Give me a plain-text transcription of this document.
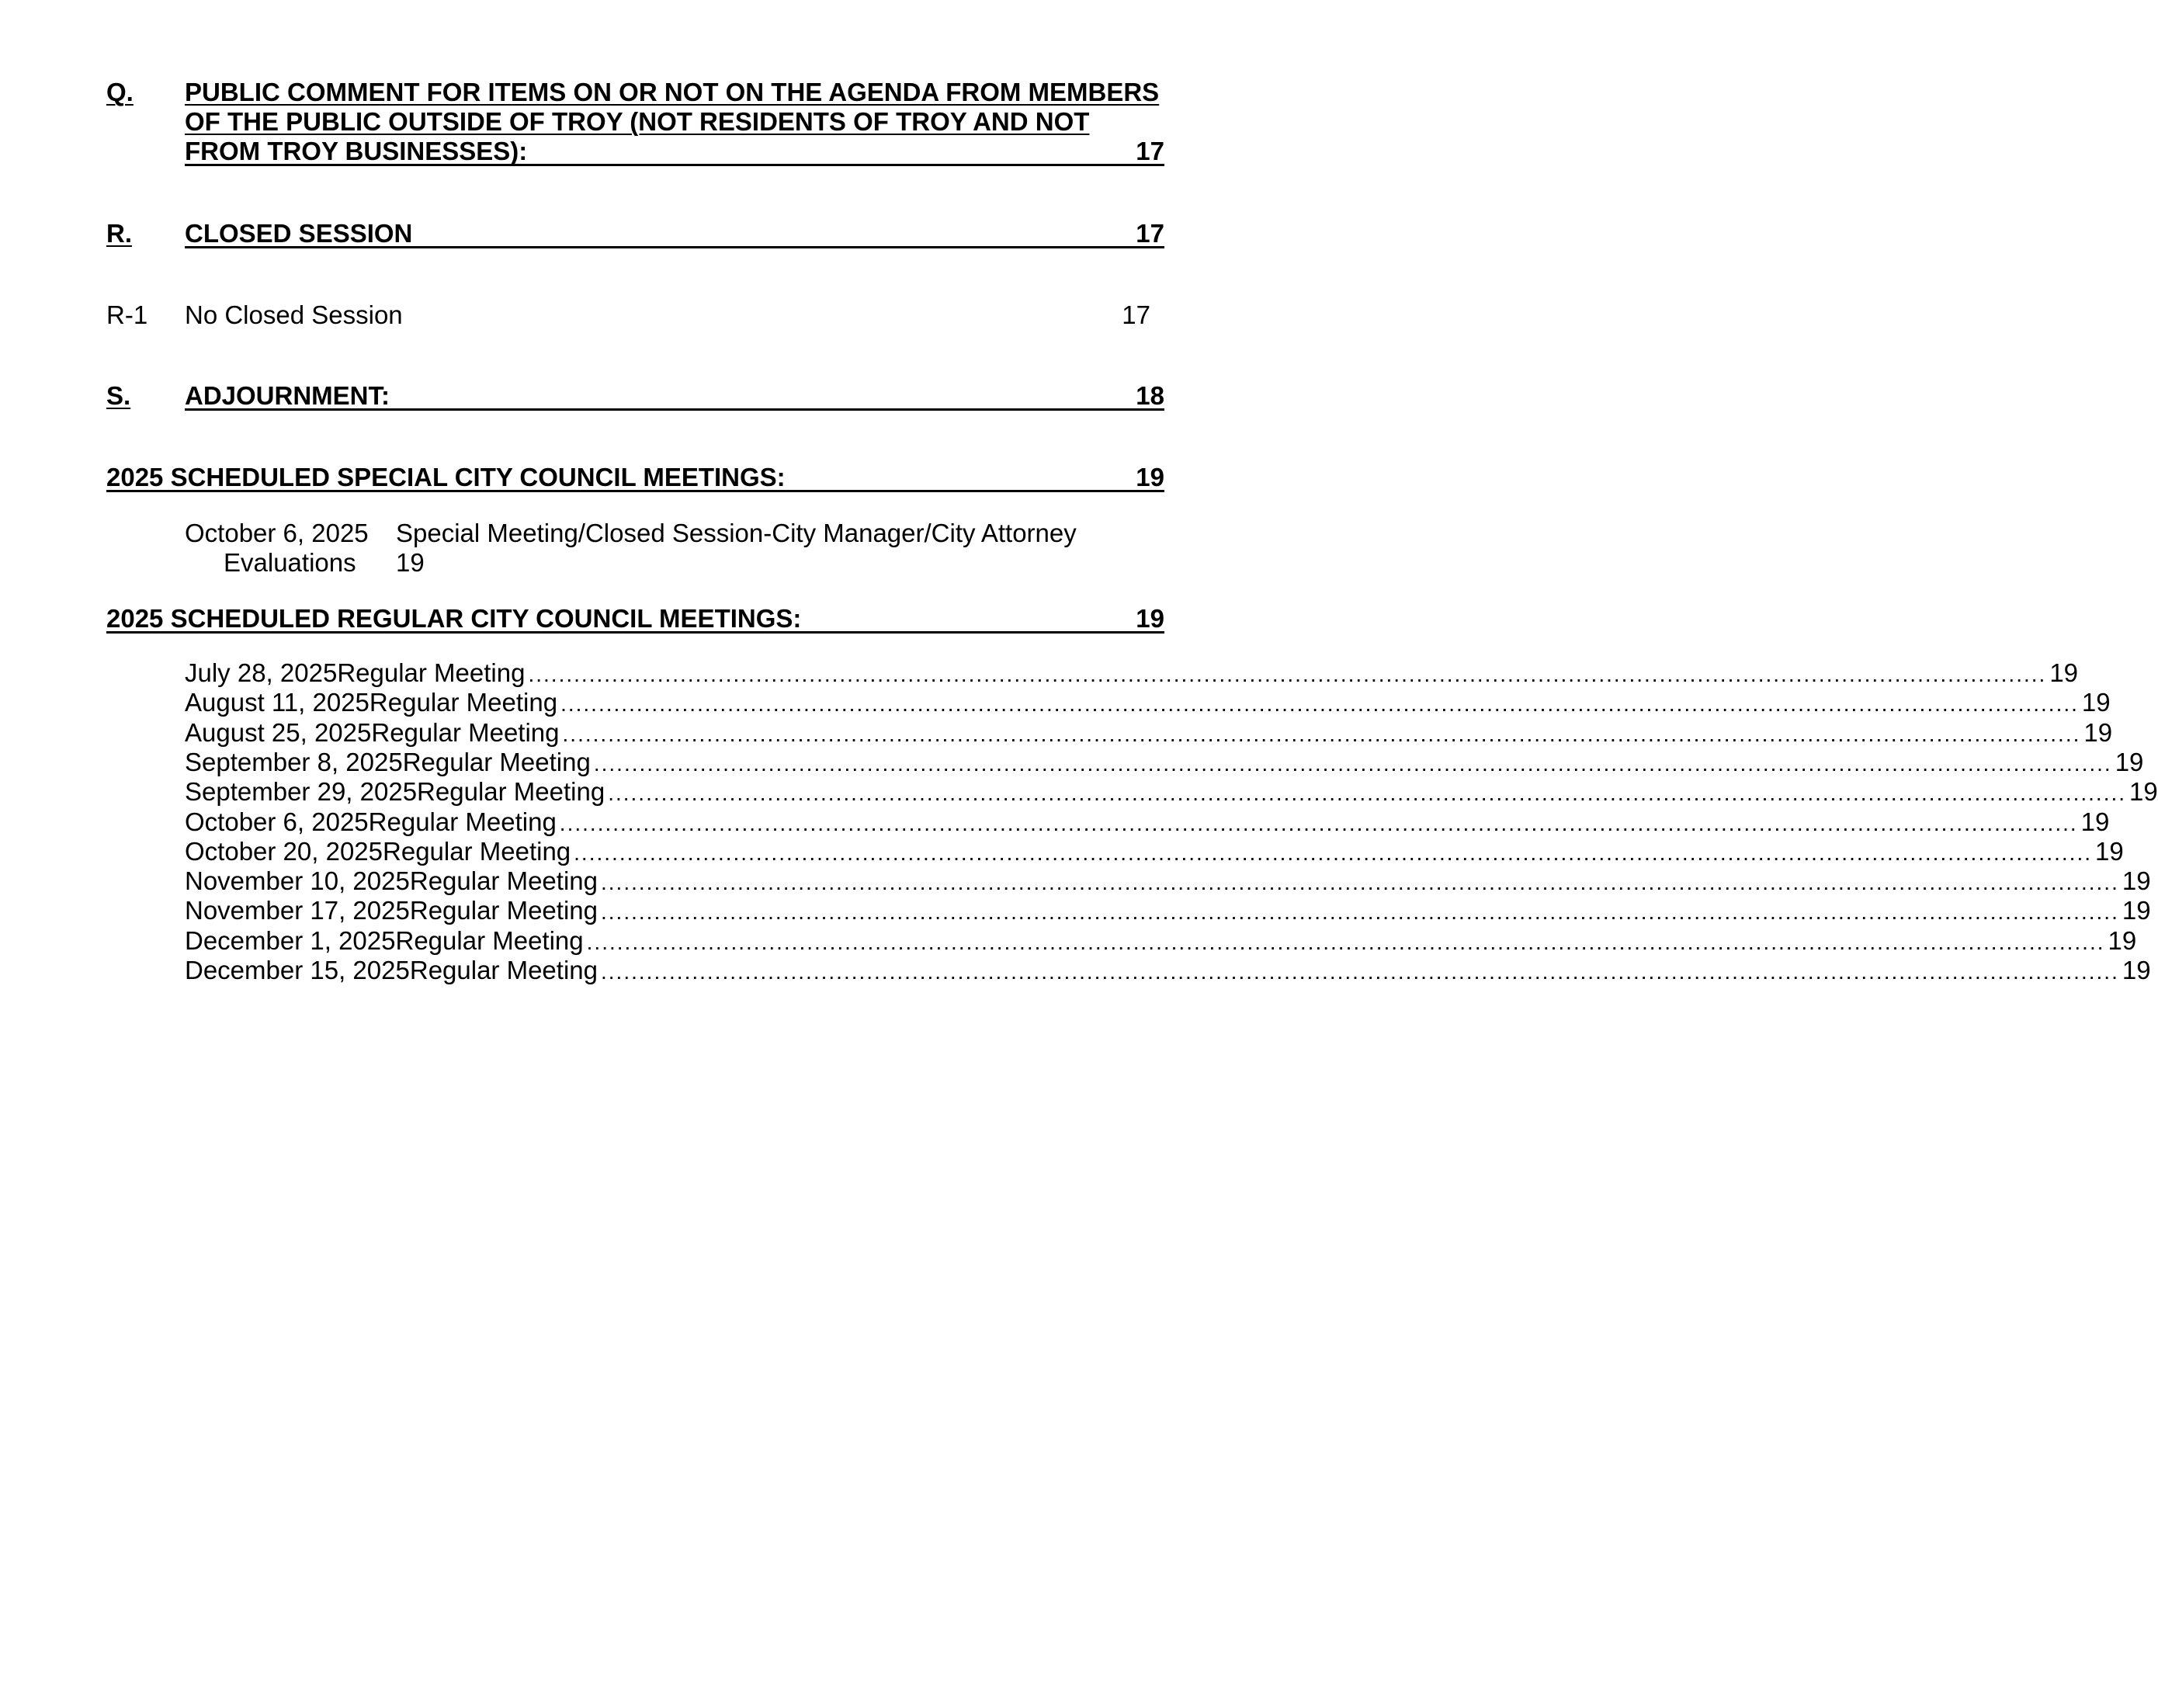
Q. PUBLIC COMMENT FOR ITEMS ON OR NOT ON THE AGENDA FROM MEMBERS
OF THE PUBLIC OUTSIDE OF TROY (NOT RESIDENTS OF TROY AND NOT
FROM TROY BUSINESSES):	17
R. CLOSED SESSION	17
R-1 No Closed Session	17
S. ADJOURNMENT:	18
2025 SCHEDULED SPECIAL CITY COUNCIL MEETINGS:	19
October 6, 2025 Special Meeting/Closed Session-City Manager/City Attorney
Evaluations 19
2025 SCHEDULED REGULAR CITY COUNCIL MEETINGS:	19
July 28, 2025 Regular Meeting ........................................................................................................................................................................................................ 19
August 11, 2025 Regular Meeting ........................................................................................................................................................................................................ 19
August 25, 2025 Regular Meeting ........................................................................................................................................................................................................ 19
September 8, 2025 Regular Meeting ........................................................................................................................................................................................................ 19
September 29, 2025 Regular Meeting ........................................................................................................................................................................................................ 19
October 6, 2025 Regular Meeting ........................................................................................................................................................................................................ 19
October 20, 2025 Regular Meeting ........................................................................................................................................................................................................ 19
November 10, 2025 Regular Meeting ........................................................................................................................................................................................................ 19
November 17, 2025 Regular Meeting ........................................................................................................................................................................................................ 19
December 1, 2025 Regular Meeting ........................................................................................................................................................................................................ 19
December 15, 2025 Regular Meeting ........................................................................................................................................................................................................ 19
